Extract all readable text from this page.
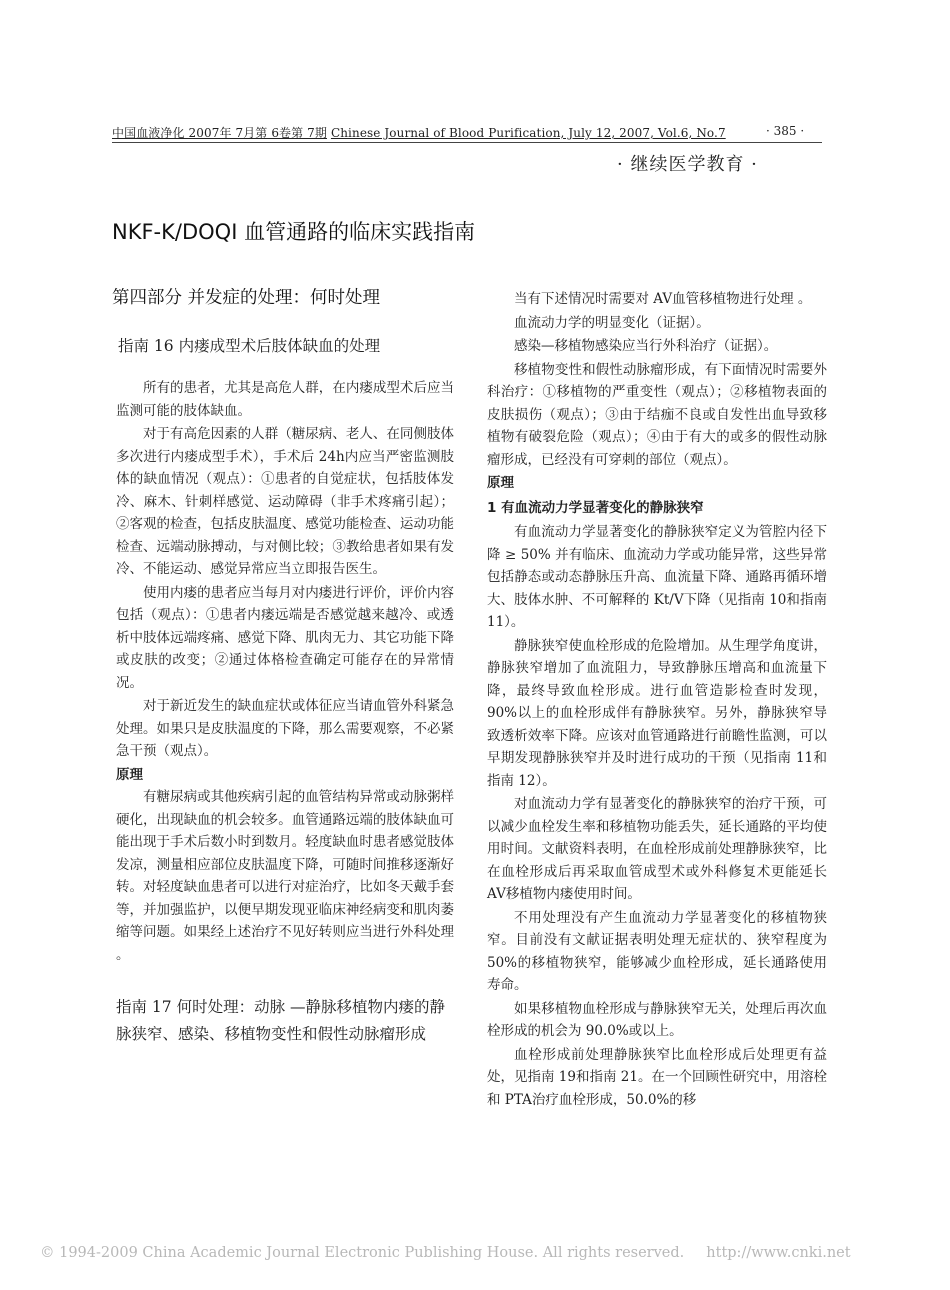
中国血液净化 2007年 7月第 6卷第 7期 Chinese Journal of Blood Purification, July 12, 2007, Vol.6, No.7	· 385 ·
· 继续医学教育 ·
NKF-K/DOQI 血管通路的临床实践指南
第四部分 并发症的处理：何时处理
指南 16 内瘘成型术后肢体缺血的处理

所有的患者，尤其是高危人群，在内瘘成型术后应当监测可能的肢体缺血。

对于有高危因素的人群（糖尿病、老人、在同侧肢体多次进行内瘘成型手术），手术后 24h内应当严密监测肢体的缺血情况（观点）：①患者的自觉症状，包括肢体发冷、麻木、针刺样感觉、运动障碍（非手术疼痛引起）；②客观的检查，包括皮肤温度、感觉功能检查、运动功能检查、远端动脉搏动，与对侧比较；③教给患者如果有发冷、不能运动、感觉异常应当立即报告医生。

使用内瘘的患者应当每月对内瘘进行评价，评价内容包括（观点）：①患者内瘘远端是否感觉越来越冷、或透析中肢体远端疼痛、感觉下降、肌肉无力、其它功能下降或皮肤的改变；②通过体格检查确定可能存在的异常情况。

对于新近发生的缺血症状或体征应当请血管外科紧急处理。如果只是皮肤温度的下降，那么需要观察，不必紧急干预（观点）。

原理

有糖尿病或其他疾病引起的血管结构异常或动脉粥样硬化，出现缺血的机会较多。血管通路远端的肢体缺血可能出现于手术后数小时到数月。轻度缺血时患者感觉肢体发凉，测量相应部位皮肤温度下降，可随时间推移逐渐好转。对轻度缺血患者可以进行对症治疗，比如冬天戴手套等，并加强监护，以便早期发现亚临床神经病变和肌肉萎缩等问题。如果经上述治疗不见好转则应当进行外科处理 。

指南 17 何时处理：动脉 —静脉移植物内瘘的静脉狭窄、感染、移植物变性和假性动脉瘤形成

当有下述情况时需要对 AV血管移植物进行处理 。

血流动力学的明显变化（证据）。

感染—移植物感染应当行外科治疗（证据）。

移植物变性和假性动脉瘤形成，有下面情况时需要外科治疗：①移植物的严重变性（观点）；②移植物表面的皮肤损伤（观点）；③由于结痂不良或自发性出血导致移植物有破裂危险（观点）；④由于有大的或多的假性动脉瘤形成，已经没有可穿刺的部位（观点）。

原理
1 有血流动力学显著变化的静脉狭窄

有血流动力学显著变化的静脉狭窄定义为管腔内径下降 ≥ 50% 并有临床、血流动力学或功能异常，这些异常包括静态或动态静脉压升高、血流量下降、通路再循环增大、肢体水肿、不可解释的 Kt/V下降（见指南 10和指南 11）。

静脉狭窄使血栓形成的危险增加。从生理学角度讲，静脉狭窄增加了血流阻力，导致静脉压增高和血流量下降，最终导致血栓形成。进行血管造影检查时发现，90%以上的血栓形成伴有静脉狭窄。另外，静脉狭窄导致透析效率下降。应该对血管通路进行前瞻性监测，可以早期发现静脉狭窄并及时进行成功的干预（见指南 11和指南 12）。

对血流动力学有显著变化的静脉狭窄的治疗干预，可以减少血栓发生率和移植物功能丢失，延长通路的平均使用时间。文献资料表明，在血栓形成前处理静脉狭窄，比在血栓形成后再采取血管成型术或外科修复术更能延长 AV移植物内瘘使用时间。

不用处理没有产生血流动力学显著变化的移植物狭窄。目前没有文献证据表明处理无症状的、狭窄程度为 50%的移植物狭窄，能够减少血栓形成，延长通路使用寿命。

如果移植物血栓形成与静脉狭窄无关，处理后再次血栓形成的机会为 90.0%或以上。

血栓形成前处理静脉狭窄比血栓形成后处理更有益处，见指南 19和指南 21。在一个回顾性研究中，用溶栓和 PTA治疗血栓形成，50.0%的移

© 1994-2009 China Academic Journal Electronic Publishing House. All rights reserved. http://www.cnki.net
